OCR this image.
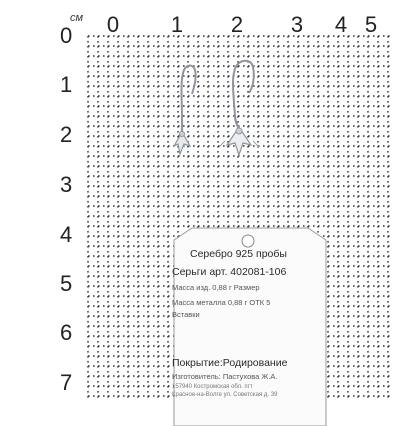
см 0 1 2 3 4 5
0
1
2
3
4
5
6
7
Серебро 925 пробы
Серьги арт. 402081-106
Масса изд. 0,88 г Размер
Масса металла 0,88 г ОТК 5
Вставки
Покрытие:Родирование
Изготовитель: Пастухова Ж.А.
157940 Костромская обл. пгт
Красное-на-Волге ул. Советская д. 39
